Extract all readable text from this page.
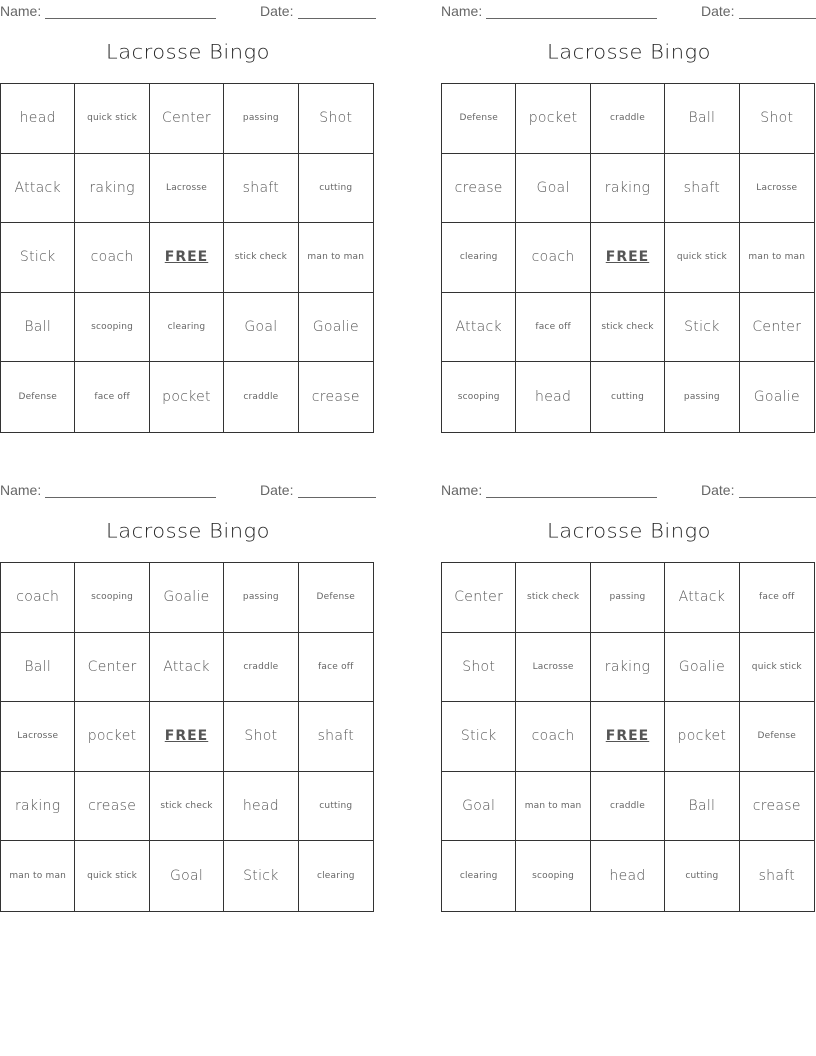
Name:	Date:
Lacrosse Bingo
head	quick stick	Center	passing	Shot
Attack	raking	Lacrosse	shaft	cutting
Stick	coach	FREE	stick check	man to man
Ball	scooping	clearing	Goal	Goalie
Defense	face off	pocket	craddle	crease
Name:	Date:
Lacrosse Bingo
Defense	pocket	craddle	Ball	Shot
crease	Goal	raking	shaft	Lacrosse
clearing	coach	FREE	quick stick	man to man
Attack	face off	stick check	Stick	Center
scooping	head	cutting	passing	Goalie
Name:	Date:
Lacrosse Bingo
coach	scooping	Goalie	passing	Defense
Ball	Center	Attack	craddle	face off
Lacrosse	pocket	FREE	Shot	shaft
raking	crease	stick check	head	cutting
man to man	quick stick	Goal	Stick	clearing
Name:	Date:
Lacrosse Bingo
Center	stick check	passing	Attack	face off
Shot	Lacrosse	raking	Goalie	quick stick
Stick	coach	FREE	pocket	Defense
Goal	man to man	craddle	Ball	crease
clearing	scooping	head	cutting	shaft
